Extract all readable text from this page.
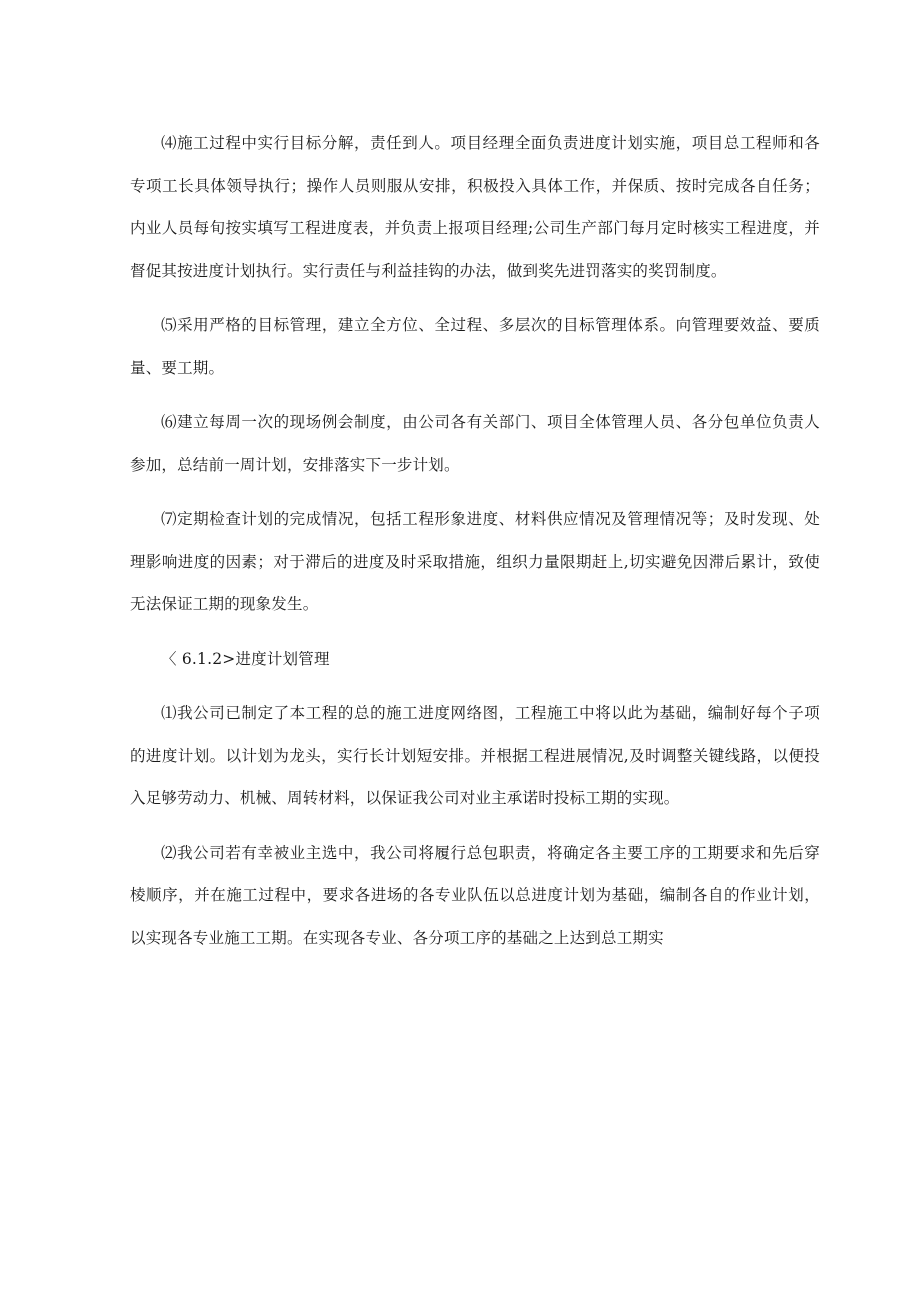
⑷施工过程中实行目标分解，责任到人。项目经理全面负责进度计划实施，项目总工程师和各专项工长具体领导执行；操作人员则服从安排，积极投入具体工作，并保质、按时完成各自任务；内业人员每旬按实填写工程进度表，并负责上报项目经理;公司生产部门每月定时核实工程进度，并督促其按进度计划执行。实行责任与利益挂钩的办法，做到奖先进罚落实的奖罚制度。

⑸采用严格的目标管理，建立全方位、全过程、多层次的目标管理体系。向管理要效益、要质量、要工期。

⑹建立每周一次的现场例会制度，由公司各有关部门、项目全体管理人员、各分包单位负责人参加，总结前一周计划，安排落实下一步计划。

⑺定期检查计划的完成情况，包括工程形象进度、材料供应情况及管理情况等；及时发现、处理影响进度的因素；对于滞后的进度及时采取措施，组织力量限期赶上,切实避免因滞后累计，致使无法保证工期的现象发生。

〈 6.1.2>进度计划管理

⑴我公司已制定了本工程的总的施工进度网络图，工程施工中将以此为基础，编制好每个子项的进度计划。以计划为龙头，实行长计划短安排。并根据工程进展情况,及时调整关键线路，以便投入足够劳动力、机械、周转材料，以保证我公司对业主承诺时投标工期的实现。

⑵我公司若有幸被业主选中，我公司将履行总包职责，将确定各主要工序的工期要求和先后穿棱顺序，并在施工过程中，要求各进场的各专业队伍以总进度计划为基础，编制各自的作业计划，以实现各专业施工工期。在实现各专业、各分项工序的基础之上达到总工期实
